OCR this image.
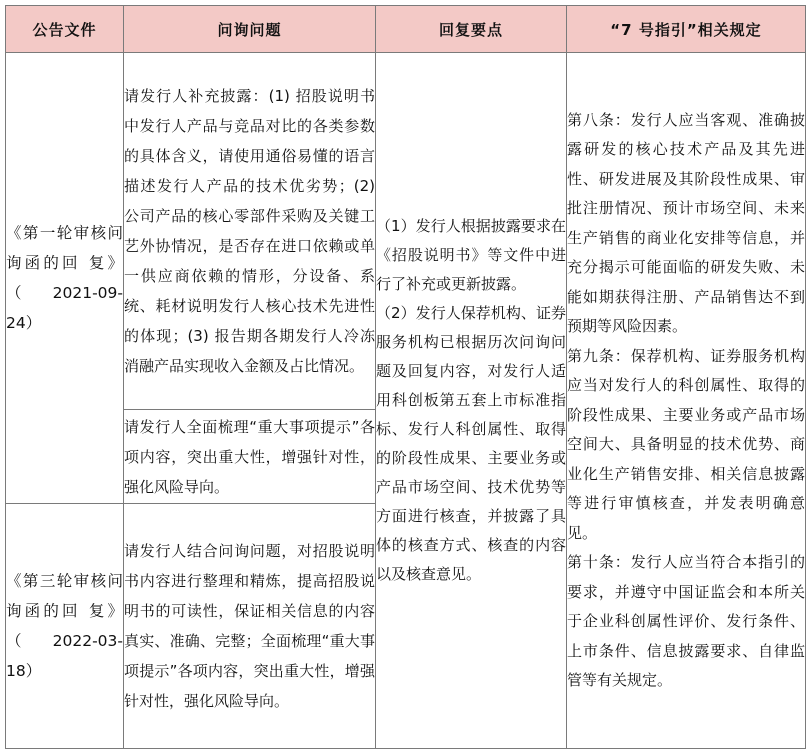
公告文件	问询问题	回复要点	“7 号指引”相关规定

《第一轮审核问询函的回 复》
（ 2021-09-24）	请发行人补充披露：(1) 招股说明书中发行人产品与竞品对比的各类参数的具体含义，请使用通俗易懂的语言描述发行人产品的技术优劣势；(2) 公司产品的核心零部件采购及关键工艺外协情况，是否存在进口依赖或单一供应商依赖的情形，分设备、系统、耗材说明发行人核心技术先进性的体现；(3) 报告期各期发行人冷冻消融产品实现收入金额及占比情况。	（1）发行人根据披露要求在《招股说明书》等文件中进行了补充或更新披露。
（2）发行人保荐机构、证券服务机构已根据历次问询问题及回复内容，对发行人适用科创板第五套上市标准指标、发行人科创属性、取得的阶段性成果、主要业务或产品市场空间、技术优势等方面进行核查，并披露了具体的核查方式、核查的内容以及核查意见。	第八条：发行人应当客观、准确披露研发的核心技术产品及其先进性、研发进展及其阶段性成果、审批注册情况、预计市场空间、未来生产销售的商业化安排等信息，并充分揭示可能面临的研发失败、未能如期获得注册、产品销售达不到预期等风险因素。
第九条：保荐机构、证券服务机构应当对发行人的科创属性、取得的阶段性成果、主要业务或产品市场空间大、具备明显的技术优势、商业化生产销售安排、相关信息披露等进行审慎核查，并发表明确意见。
第十条：发行人应当符合本指引的要求，并遵守中国证监会和本所关于企业科创属性评价、发行条件、上市条件、信息披露要求、自律监管等有关规定。

	请发行人全面梳理“重大事项提示”各项内容，突出重大性，增强针对性，强化风险导向。		

《第三轮审核问询函的回 复》
（ 2022-03-18）	请发行人结合问询问题，对招股说明书内容进行整理和精炼，提高招股说明书的可读性，保证相关信息的内容真实、准确、完整；全面梳理“重大事项提示”各项内容，突出重大性，增强针对性，强化风险导向。		
